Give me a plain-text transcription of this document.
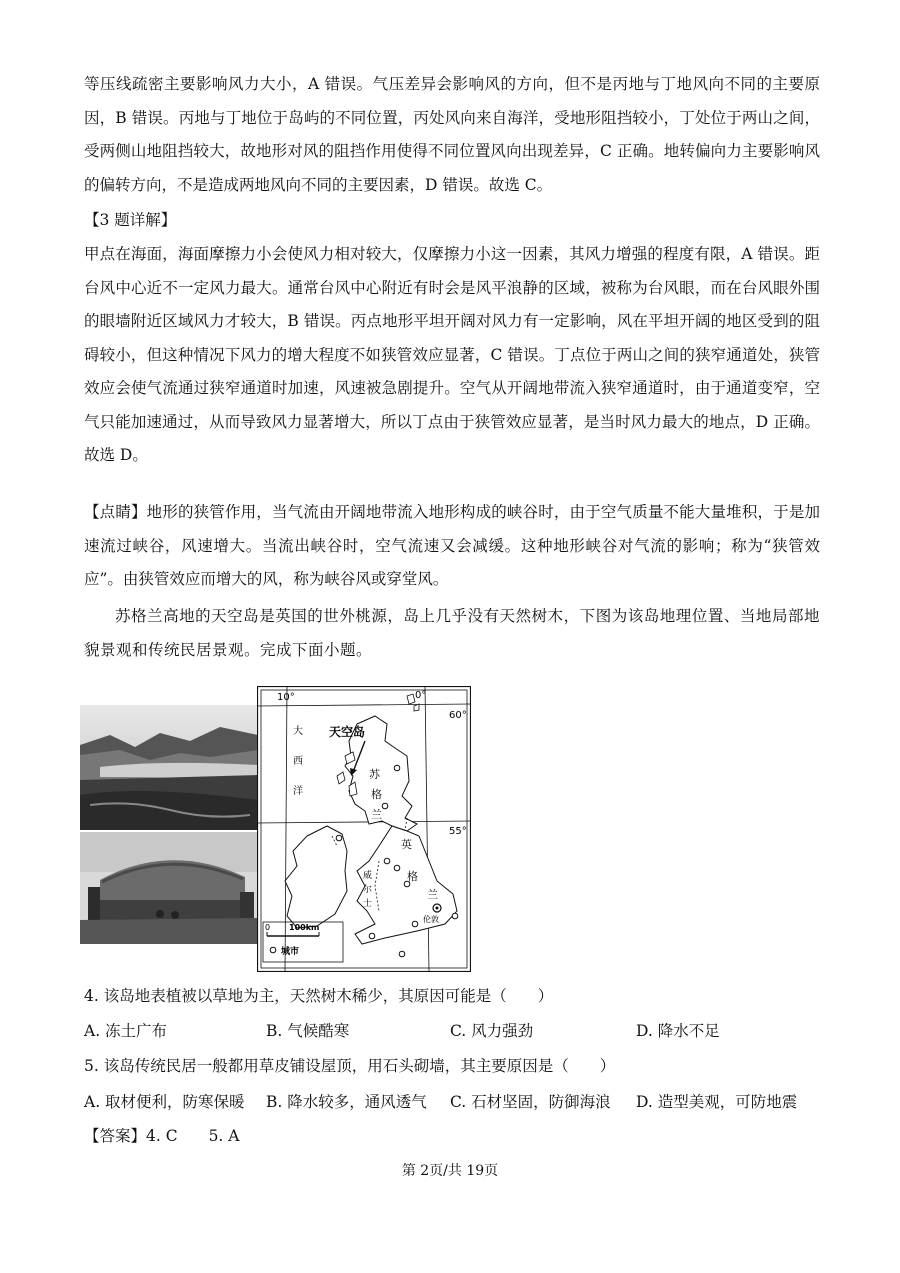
等压线疏密主要影响风力大小，A 错误。气压差异会影响风的方向，但不是丙地与丁地风向不同的主要原因，B 错误。丙地与丁地位于岛屿的不同位置，丙处风向来自海洋，受地形阻挡较小，丁处位于两山之间，受两侧山地阻挡较大，故地形对风的阻挡作用使得不同位置风向出现差异，C 正确。地转偏向力主要影响风的偏转方向，不是造成两地风向不同的主要因素，D 错误。故选 C。
【3 题详解】
甲点在海面，海面摩擦力小会使风力相对较大，仅摩擦力小这一因素，其风力增强的程度有限，A 错误。距台风中心近不一定风力最大。通常台风中心附近有时会是风平浪静的区域，被称为台风眼，而在台风眼外围的眼墙附近区域风力才较大，B 错误。丙点地形平坦开阔对风力有一定影响，风在平坦开阔的地区受到的阻碍较小，但这种情况下风力的增大程度不如狭管效应显著，C 错误。丁点位于两山之间的狭窄通道处，狭管效应会使气流通过狭窄通道时加速，风速被急剧提升。空气从开阔地带流入狭窄通道时，由于通道变窄，空气只能加速通过，从而导致风力显著增大，所以丁点由于狭管效应显著，是当时风力最大的地点，D 正确。故选 D。
【点睛】地形的狭管作用，当气流由开阔地带流入地形构成的峡谷时，由于空气质量不能大量堆积，于是加速流过峡谷，风速增大。当流出峡谷时，空气流速又会减缓。这种地形峡谷对气流的影响；称为“狭管效应”。由狭管效应而增大的风，称为峡谷风或穿堂风。
苏格兰高地的天空岛是英国的世外桃源，岛上几乎没有天然树木，下图为该岛地理位置、当地局部地貌景观和传统民居景观。完成下面小题。
10°	0°
60°
55°
大
西
洋
天空岛
苏
格
兰
英
格
兰
威
尔
士
伦敦
0 100km
城市
4. 该岛地表植被以草地为主，天然树木稀少，其原因可能是（　　）
A. 冻土广布	B. 气候酷寒	C. 风力强劲	D. 降水不足
5. 该岛传统民居一般都用草皮铺设屋顶，用石头砌墙，其主要原因是（　　）
A. 取材便利，防寒保暖	B. 降水较多，通风透气	C. 石材坚固，防御海浪	D. 造型美观，可防地震
【答案】4. C　　5. A
第 2页/共 19页
